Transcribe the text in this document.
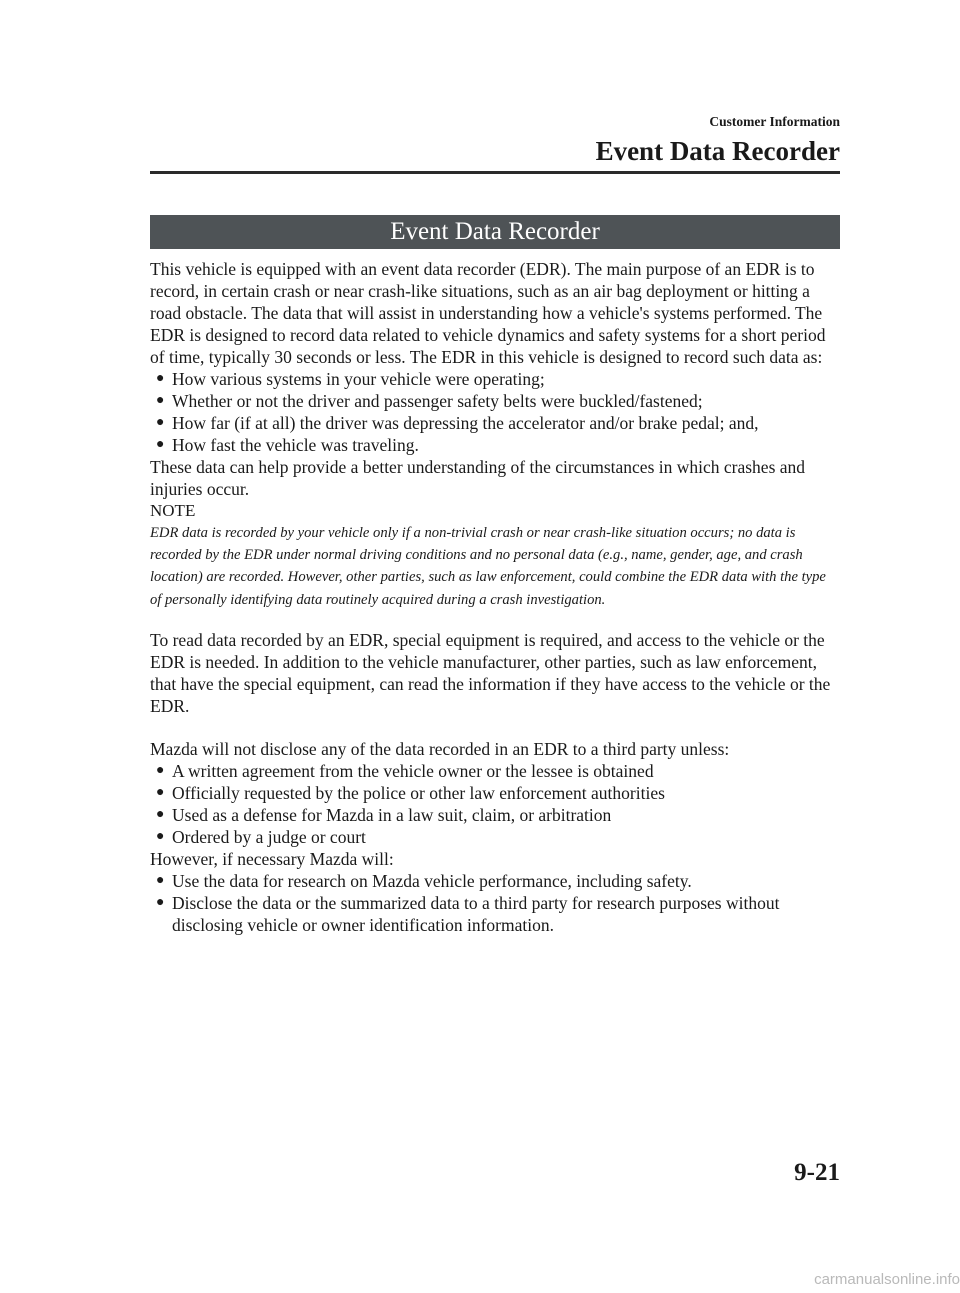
Customer Information
Event Data Recorder
Event Data Recorder

This vehicle is equipped with an event data recorder (EDR). The main purpose of an EDR is to record, in certain crash or near crash-like situations, such as an air bag deployment or hitting a road obstacle. The data that will assist in understanding how a vehicle's systems performed. The EDR is designed to record data related to vehicle dynamics and safety systems for a short period of time, typically 30 seconds or less. The EDR in this vehicle is designed to record such data as:

● How various systems in your vehicle were operating;
● Whether or not the driver and passenger safety belts were buckled/fastened;
● How far (if at all) the driver was depressing the accelerator and/or brake pedal; and,
● How fast the vehicle was traveling.

These data can help provide a better understanding of the circumstances in which crashes and injuries occur.

NOTE

EDR data is recorded by your vehicle only if a non-trivial crash or near crash-like situation occurs; no data is recorded by the EDR under normal driving conditions and no personal data (e.g., name, gender, age, and crash location) are recorded. However, other parties, such as law enforcement, could combine the EDR data with the type of personally identifying data routinely acquired during a crash investigation.

To read data recorded by an EDR, special equipment is required, and access to the vehicle or the EDR is needed. In addition to the vehicle manufacturer, other parties, such as law enforcement, that have the special equipment, can read the information if they have access to the vehicle or the EDR.

Mazda will not disclose any of the data recorded in an EDR to a third party unless:

● A written agreement from the vehicle owner or the lessee is obtained
● Officially requested by the police or other law enforcement authorities
● Used as a defense for Mazda in a law suit, claim, or arbitration
● Ordered by a judge or court

However, if necessary Mazda will:

● Use the data for research on Mazda vehicle performance, including safety.
● Disclose the data or the summarized data to a third party for research purposes without disclosing vehicle or owner identification information.
9-21
carmanualsonline.info
